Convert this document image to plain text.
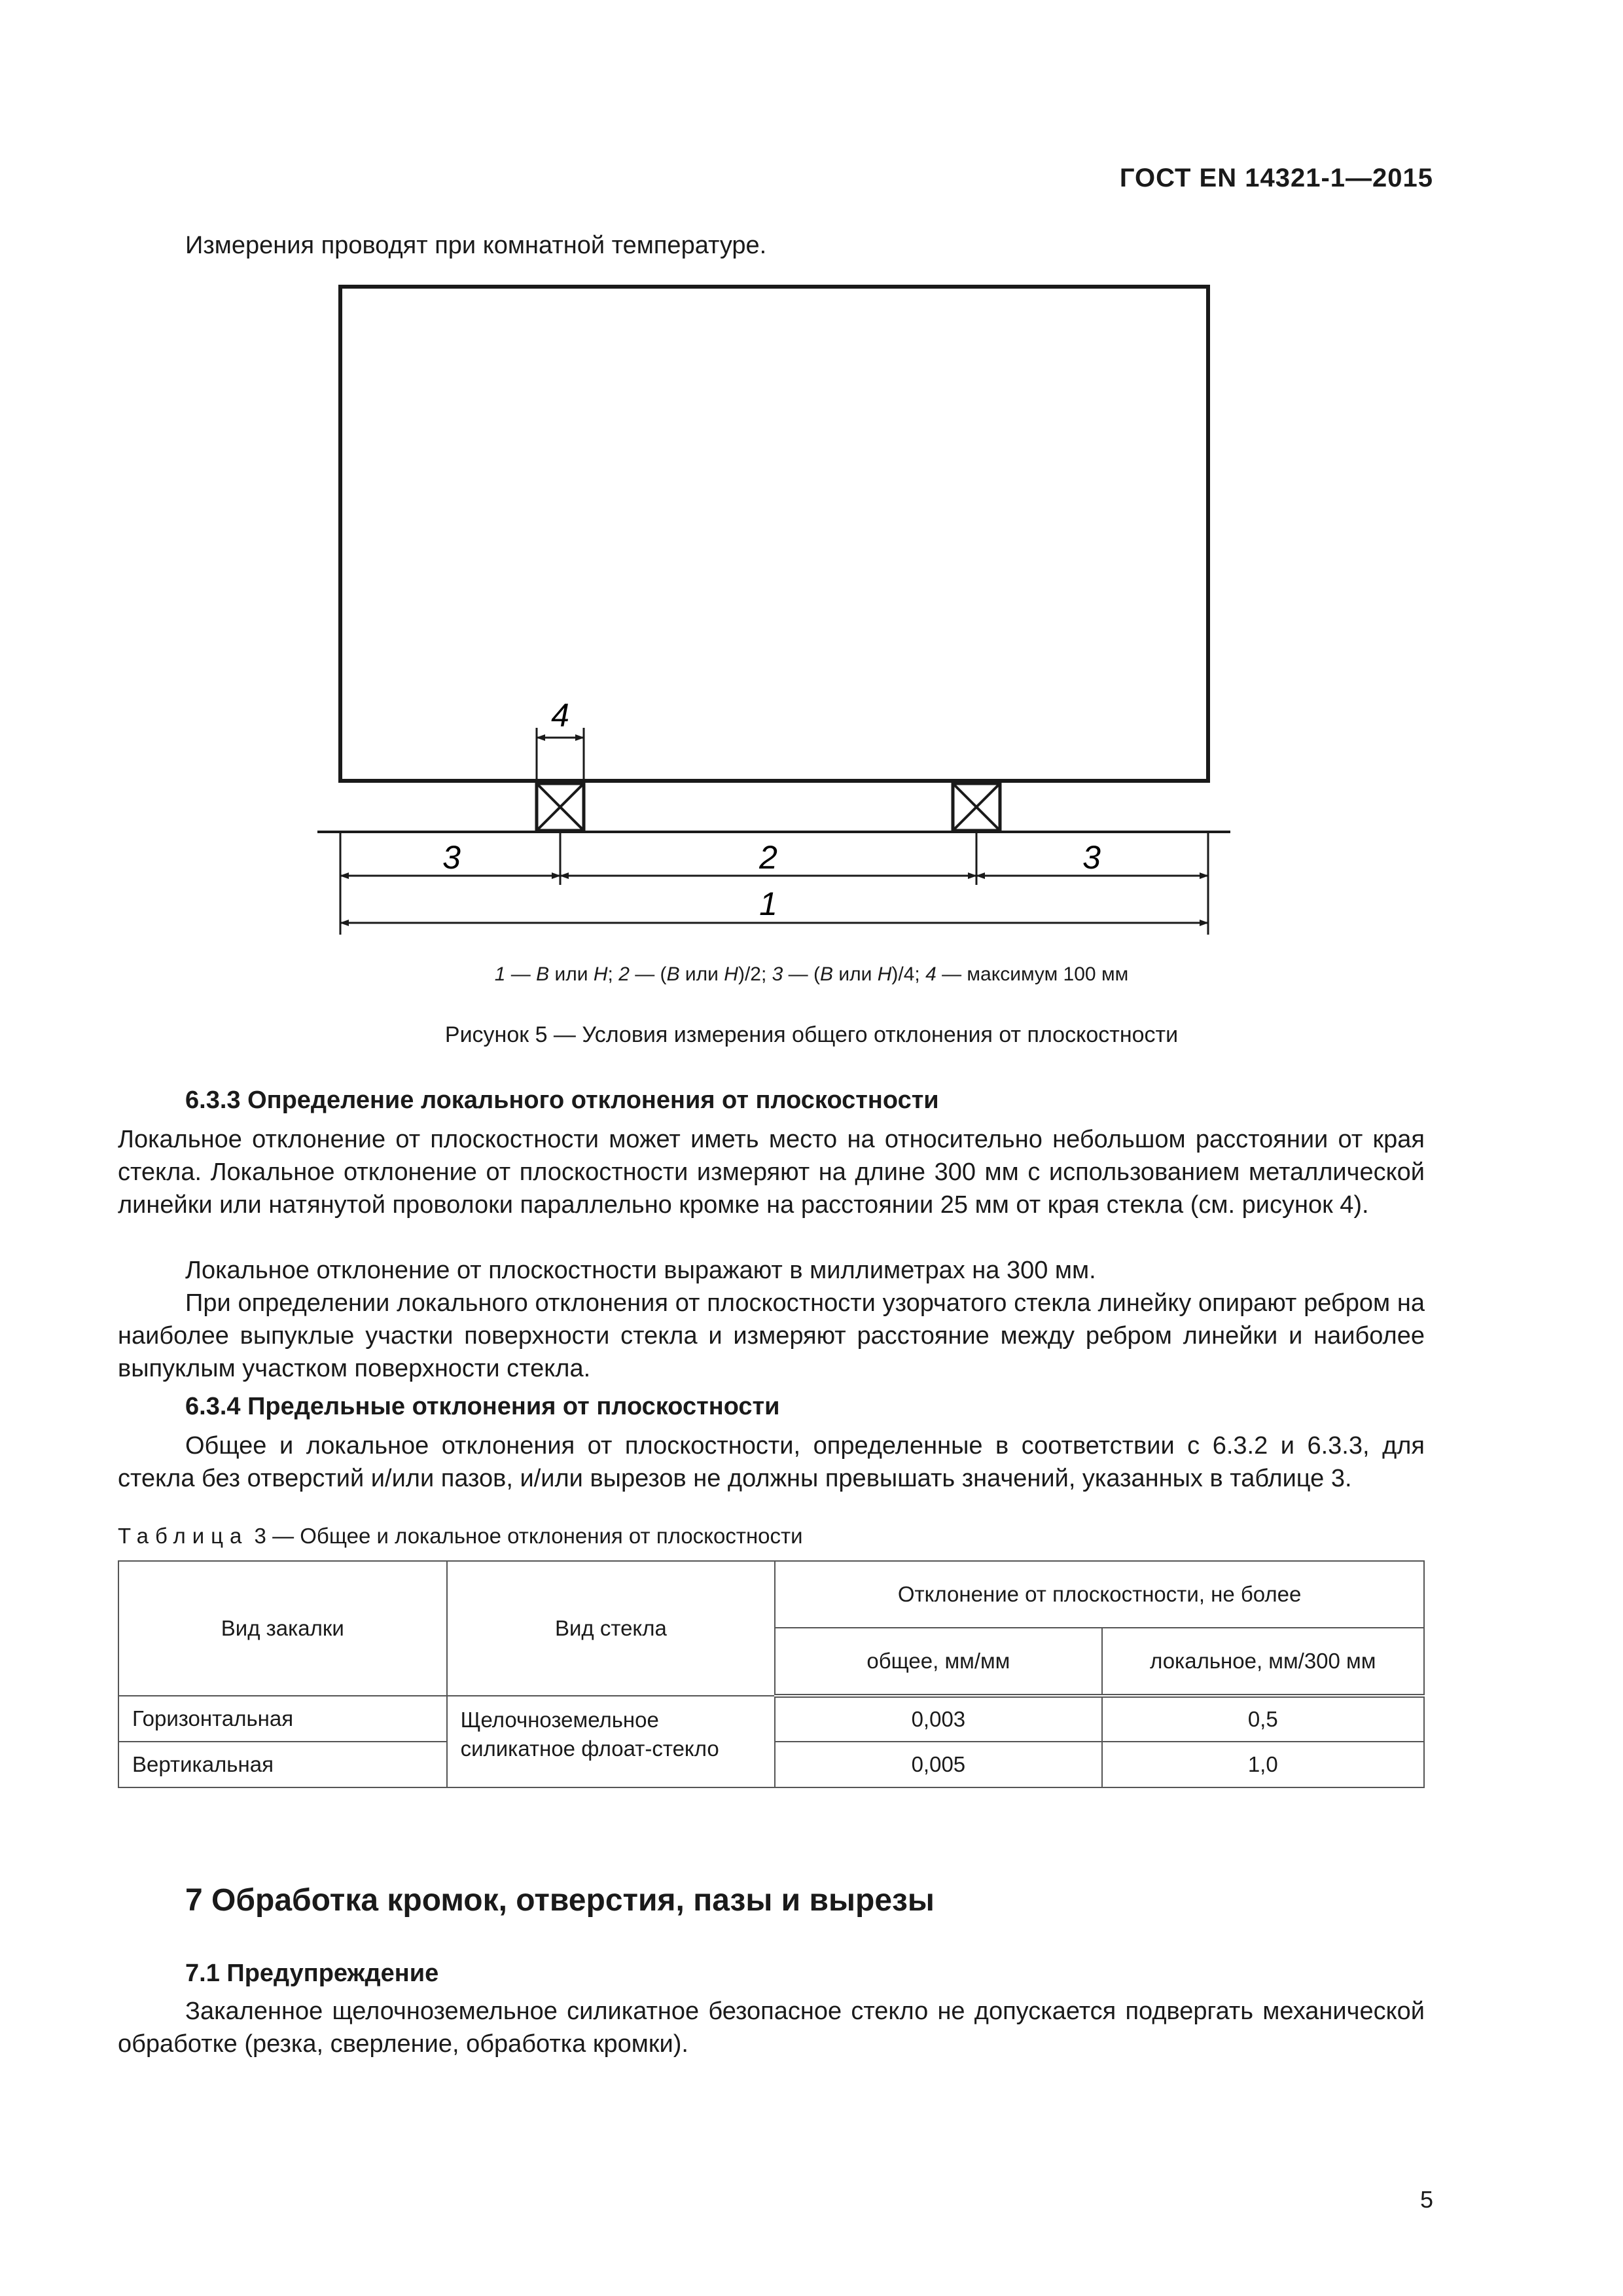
ГОСТ EN 14321-1—2015
Измерения проводят при комнатной температуре.
4
3	2	3
1
1 — B или H; 2 — (B или H)/2; 3 — (B или H)/4; 4 — максимум 100 мм
Рисунок 5 — Условия измерения общего отклонения от плоскостности
6.3.3 Определение локального отклонения от плоскостности
Локальное отклонение от плоскостности может иметь место на относительно небольшом расстоянии от края стекла. Локальное отклонение от плоскостности измеряют на длине 300 мм с использованием металлической линейки или натянутой проволоки параллельно кромке на расстоянии 25 мм от края стекла (см. рисунок 4).
Локальное отклонение от плоскостности выражают в миллиметрах на 300 мм.
При определении локального отклонения от плоскостности узорчатого стекла линейку опирают ребром на наиболее выпуклые участки поверхности стекла и измеряют расстояние между ребром линейки и наиболее выпуклым участком поверхности стекла.
6.3.4 Предельные отклонения от плоскостности
Общее и локальное отклонения от плоскостности, определенные в соответствии с 6.3.2 и 6.3.3, для стекла без отверстий и/или пазов, и/или вырезов не должны превышать значений, указанных в таблице 3.
Таблица 3 — Общее и локальное отклонения от плоскостности
Вид закалки	Вид стекла	Отклонение от плоскостности, не более	
		общее, мм/мм	локальное, мм/300 мм
Горизонтальная	Щелочноземельное силикатное флоат-стекло	0,003	0,5
Вертикальная		0,005	1,0
7 Обработка кромок, отверстия, пазы и вырезы
7.1 Предупреждение
Закаленное щелочноземельное силикатное безопасное стекло не допускается подвергать механической обработке (резка, сверление, обработка кромки).
5
